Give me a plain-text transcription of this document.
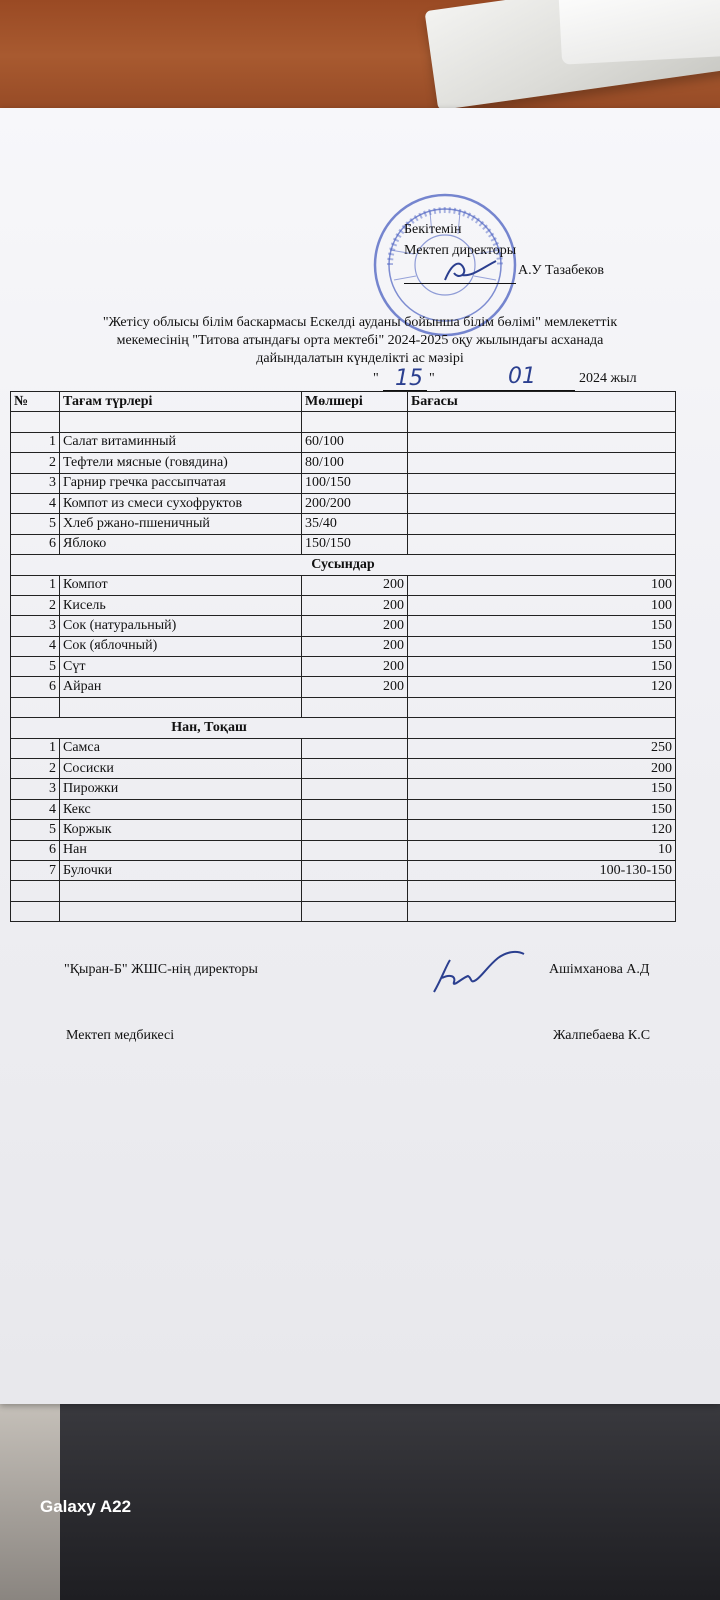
Бекітемін
Мектеп директоры
А.У Тазабеков
"Жетісу облысы білім баскармасы Ескелді ауданы бойынша білім бөлімі" мемлекеттік
мекемесінің "Титова атындағы орта мектебі" 2024-2025 оқу жылындағы асханада
дайындалатын күнделікті ас мәзірі
" 15 "	01	2024 жыл
№	Тағам түрлері	Мөлшері	Бағасы

1	Салат витаминный	60/100	
2	Тефтели мясные (говядина)	80/100	
3	Гарнир гречка рассыпчатая	100/150	
4	Компот из смеси сухофруктов	200/200	
5	Хлеб ржано-пшеничный	35/40	
6	Яблоко	150/150	
Сусындар			
1	Компот	200	100
2	Кисель	200	100
3	Сок (натуральный)	200	150
4	Сок (яблочный)	200	150
5	Сүт	200	150
6	Айран	200	120

Нан, Тоқаш			
1	Самса		250
2	Сосиски		200
3	Пирожки		150
4	Кекс		150
5	Коржык		120
6	Нан		10
7	Булочки		100-130-150

"Қыран-Б" ЖШС-нің директоры	Ашімханова А.Д
Мектеп медбикесі	Жалпебаева К.С
Galaxy A22
